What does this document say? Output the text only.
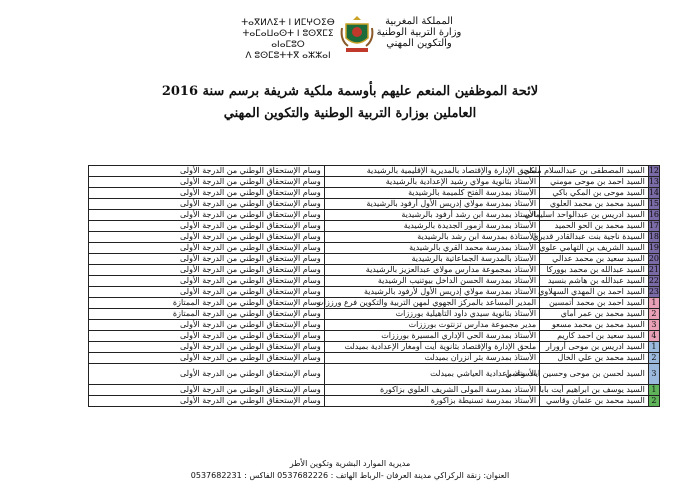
ⵜⴰⴳⵍⴷⵉⵜ ⵏ ⵍⵎⵖⵔⵉⴱ
ⵜⴰⵎⴰⵡⴰⵙⵜ ⵏ ⵓⵙⴳⵎⵉ ⴰⵏⴰⵎⵓⵔ
ⴷ ⵓⵙⵎⵓⵜⵜⴳ ⴰⵣⵣⴰⵏ
المملكة المغربية
وزارة التربية الوطنية
والتكوين المهني
لائحة الموظفين المنعم عليهم بأوسمة ملكية شريفة برسم سنة 2016
العاملين بوزارة التربية الوطنية والتكوين المهني
12	السيد المصطفى بن عبدالسلام ملكي	ملحق الإدارة والإقتصاد بالمديرية الإقليمية بالرشيدية	وسام الإستحقاق الوطني من الدرجة الأولى
13	السيد احمد بن موحى مومني	الأستاذ بثانوية مولاي رشيد الإعدادية بالرشيدية	وسام الإستحقاق الوطني من الدرجة الأولى
14	السيد موحى بن المكي باكي	الأستاذ بمدرسة الفتح كلميمة بالرشيدية	وسام الإستحقاق الوطني من الدرجة الأولى
15	السيد محمد بن محمد العلوي	الأستاذ بمدرسة مولاي إدريس الأول أرفود بالرشيدية	وسام الإستحقاق الوطني من الدرجة الأولى
16	السيد ادريس بن عبدالواحد اسليماني	الأستاذ بمدرسة ابن رشد أرفود بالرشيدية	وسام الإستحقاق الوطني من الدرجة الأولى
17	السيد محمد بن الحو الحميد	الأستاذ بمدرسة أزمور الجديدة بالرشيدية	وسام الإستحقاق الوطني من الدرجة الأولى
18	السيدة ناجية بنت عبدالقادر قديري	الأستاذة بمدرسة ابن رشد بالرشيدية	وسام الإستحقاق الوطني من الدرجة الأولى
19	السيد الشريف بن التهامي علوي	الأستاذ بمدرسة محمد القري بالرشيدية	وسام الإستحقاق الوطني من الدرجة الأولى
20	السيد سعيد بن محمد عدالي	الأستاذ بالمدرسة الجماعاتية بالرشيدية	وسام الإستحقاق الوطني من الدرجة الأولى
21	السيد عبدالله بن محمد بووركا	الأستاذ بمجموعة مدارس مولاي عبدالعزيز بالرشيدية	وسام الإستحقاق الوطني من الدرجة الأولى
22	السيد عبدالله بن هاشم بنسيد	الأستاذ بمدرسة الحسن الداخل بيوتنيب الرشيدية	وسام الإستحقاق الوطني من الدرجة الأولى
23	السيد احمد بن المهدي السهلاوي	الأستاذ بمدرسة مولاي إدريس الأول لأرفود بالرشيدية	وسام الإستحقاق الوطني من الدرجة الأولى
1	السيد احمد بن محمد أتمسين	المدير المساعد بالمركز الجهوي لمهن التربية والتكوين فرع ورززات	وسام الإستحقاق الوطني من الدرجة الممتازة
2	السيد محمد بن عمر أماي	الأستاذ بثانوية سيدي داود التأهيلية بورززات	وسام الإستحقاق الوطني من الدرجة الممتازة
3	السيد محمد بن محمد مسعو	مدير مجموعة مدارس تزنتوت بورززات	وسام الإستحقاق الوطني من الدرجة الأولى
4	السيد سعيد بن احمد كاريم	الأستاذ بمدرسة الحي الإداري المسيرة بورززات	وسام الإستحقاق الوطني من الدرجة الأولى
1	السيد ادريس بن موحى أرورار	ملحق الإدارة والإقتصاد بثانوية أيت أومغار الإعدادية بميدلت	وسام الإستحقاق الوطني من الدرجة الأولى
2	السيد محمد بن علي الخال	الأستاذ بمدرسة بئر أنزران بميدلت	وسام الإستحقاق الوطني من الدرجة الأولى
3	السيد لحسن بن موحى وحسين ايت وعمي	الأستاذ بإعدادية العياشي بميدلت	وسام الإستحقاق الوطني من الدرجة الأولى
1	السيد يوسف بن ابراهيم أيت بابا	الأستاذ بمدرسة المولى الشريف العلوي بزاكورة	وسام الإستحقاق الوطني من الدرجة الأولى
2	السيد محمد بن عثمان وقاسي	الأستاذ بمدرسة تسنيطة بزاكورة	وسام الإستحقاق الوطني من الدرجة الأولى
مديرية الموارد البشرية وتكوين الأطر
العنوان: زنقة الركراكي مدينة العرفان -الرباط الهاتف : 0537682226 الفاكس : 0537682231
